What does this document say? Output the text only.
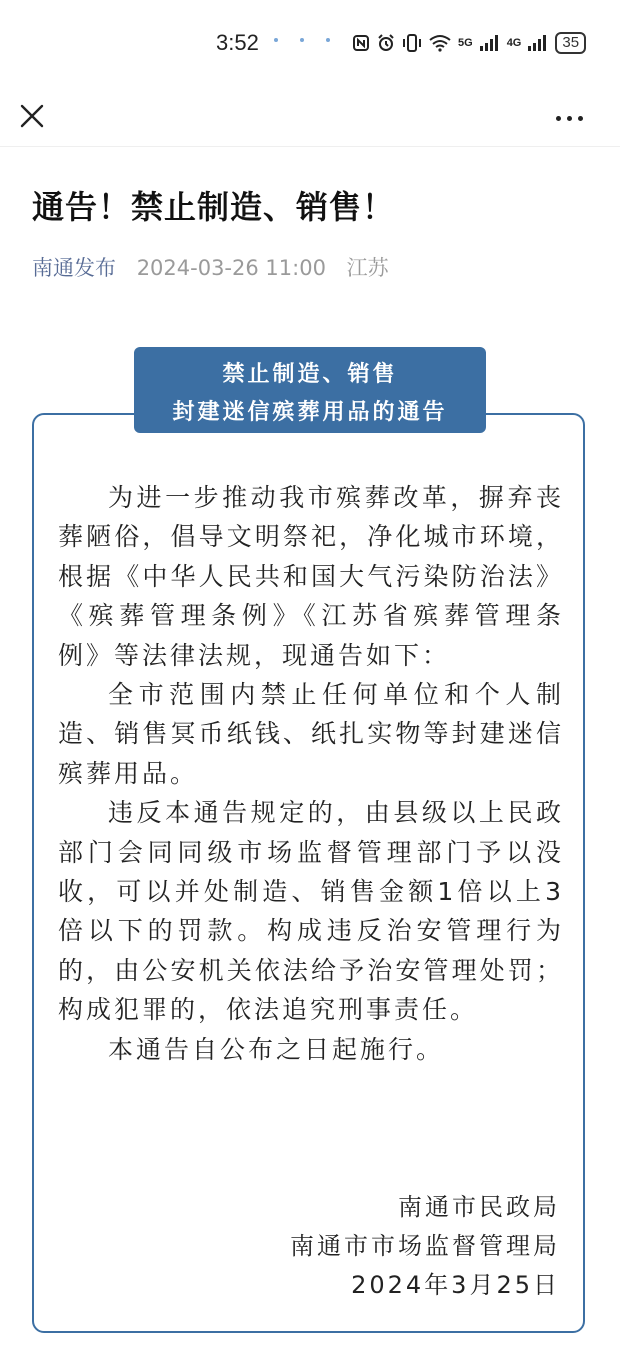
3:52	5G	4G	35
通告！禁止制造、销售！
南通发布 2024-03-26 11:00 江苏
禁止制造、销售
封建迷信殡葬用品的通告

为进一步推动我市殡葬改革，摒弃丧葬陋俗，倡导文明祭祀，净化城市环境，根据《中华人民共和国大气污染防治法》《殡葬管理条例》《江苏省殡葬管理条例》等法律法规，现通告如下：

全市范围内禁止任何单位和个人制造、销售冥币纸钱、纸扎实物等封建迷信殡葬用品。

违反本通告规定的，由县级以上民政部门会同同级市场监督管理部门予以没收，可以并处制造、销售金额1倍以上3倍以下的罚款。构成违反治安管理行为的，由公安机关依法给予治安管理处罚；构成犯罪的，依法追究刑事责任。

本通告自公布之日起施行。

南通市民政局
南通市市场监督管理局
2024年3月25日
